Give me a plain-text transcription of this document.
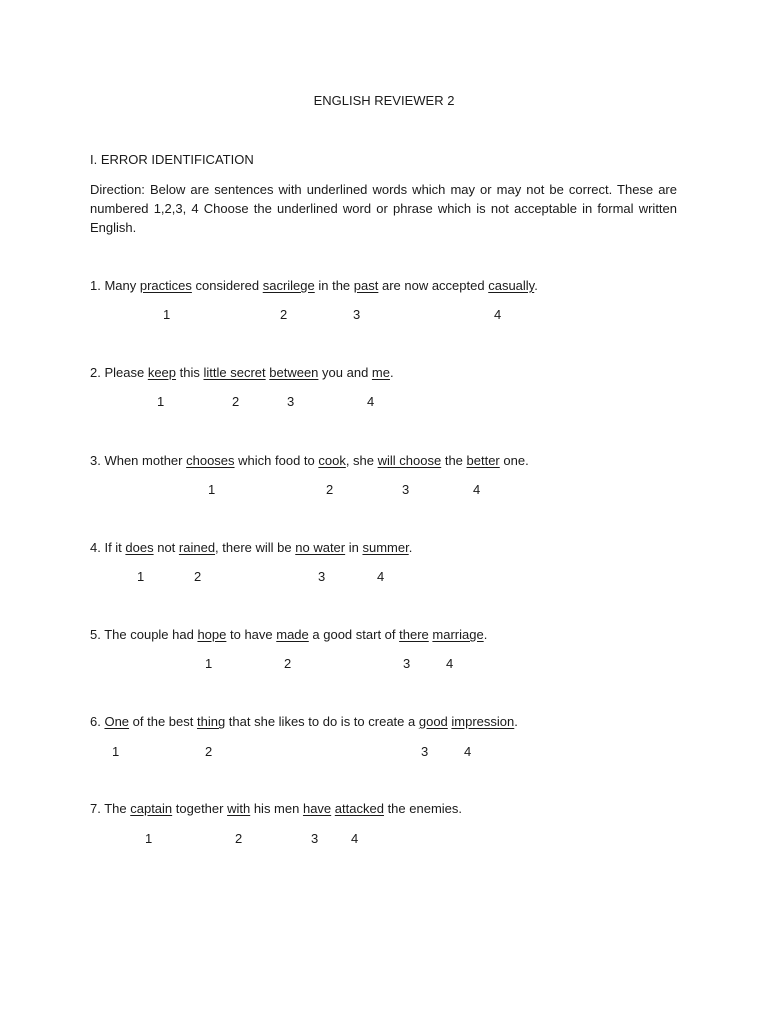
ENGLISH REVIEWER 2
I. ERROR IDENTIFICATION
Direction: Below are sentences with underlined words which may or may not be correct. These are numbered 1,2,3, 4 Choose the underlined word or phrase which is not acceptable in formal written English.
1. Many practices considered sacrilege in the past are now accepted casually.
1	2	3	4
2. Please keep this little secret between you and me.
1	2	3	4
3. When mother chooses which food to cook, she will choose the better one.
1	2	3	4
4. If it does not rained, there will be no water in summer.
1	2	3	4
5. The couple had hope to have made a good start of there marriage.
1	2	3	4
6. One of the best thing that she likes to do is to create a good impression.
1	2	3	4
7. The captain together with his men have attacked the enemies.
1	2	3	4
